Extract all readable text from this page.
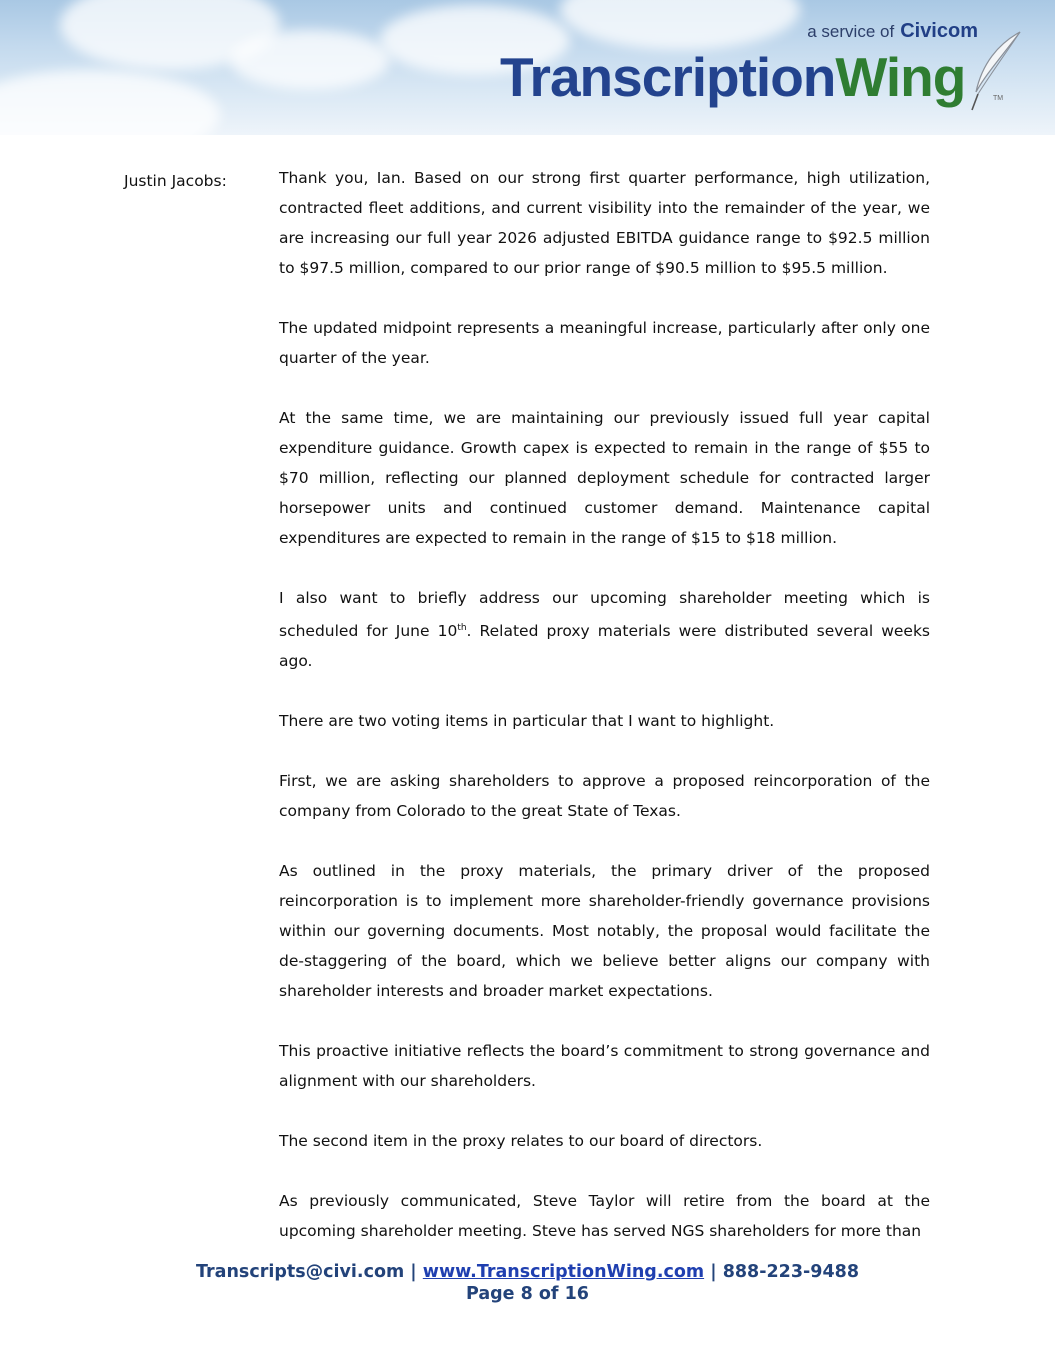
a service of Civicom
TranscriptionWing	TM
Justin Jacobs:	Thank you, Ian. Based on our strong first quarter performance, high utilization, contracted fleet additions, and current visibility into the remainder of the year, we are increasing our full year 2026 adjusted EBITDA guidance range to $92.5 million to $97.5 million, compared to our prior range of $90.5 million to $95.5 million.

The updated midpoint represents a meaningful increase, particularly after only one quarter of the year.

At the same time, we are maintaining our previously issued full year capital expenditure guidance. Growth capex is expected to remain in the range of $55 to $70 million, reflecting our planned deployment schedule for contracted larger horsepower units and continued customer demand. Maintenance capital expenditures are expected to remain in the range of $15 to $18 million.

I also want to briefly address our upcoming shareholder meeting which is scheduled for June 10th. Related proxy materials were distributed several weeks ago.

There are two voting items in particular that I want to highlight.

First, we are asking shareholders to approve a proposed reincorporation of the company from Colorado to the great State of Texas.

As outlined in the proxy materials, the primary driver of the proposed reincorporation is to implement more shareholder-friendly governance provisions within our governing documents. Most notably, the proposal would facilitate the de-staggering of the board, which we believe better aligns our company with shareholder interests and broader market expectations.

This proactive initiative reflects the board’s commitment to strong governance and alignment with our shareholders.

The second item in the proxy relates to our board of directors.

As previously communicated, Steve Taylor will retire from the board at the upcoming shareholder meeting. Steve has served NGS shareholders for more than

Transcripts@civi.com | www.TranscriptionWing.com | 888-223-9488
Page 8 of 16
